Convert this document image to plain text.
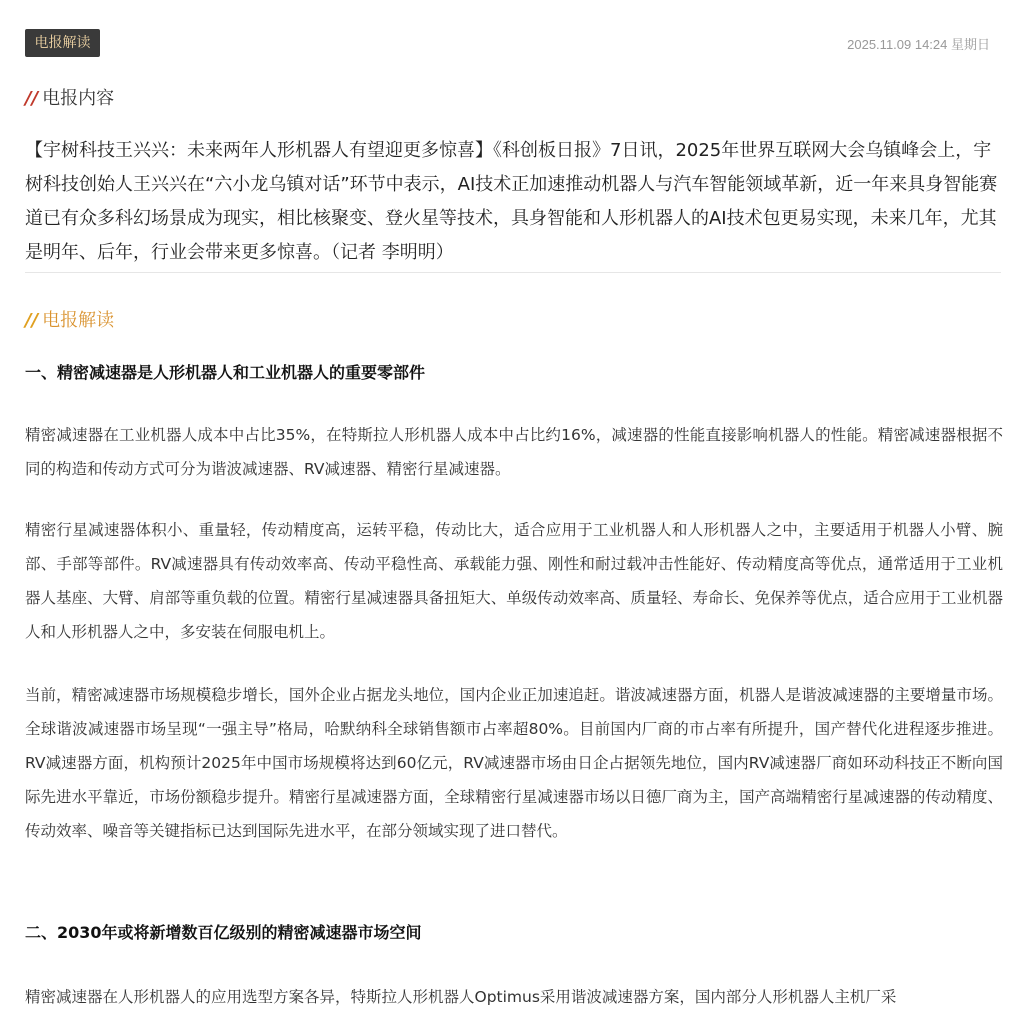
电报解读	2025.11.09 14:24 星期日
// 电报内容
【宇树科技王兴兴：未来两年人形机器人有望迎更多惊喜】《科创板日报》7日讯，2025年世界互联网大会乌镇峰会上，宇树科技创始人王兴兴在“六小龙乌镇对话”环节中表示，AI技术正加速推动机器人与汽车智能领域革新，近一年来具身智能赛道已有众多科幻场景成为现实，相比核聚变、登火星等技术，具身智能和人形机器人的AI技术包更易实现，未来几年，尤其是明年、后年，行业会带来更多惊喜。（记者 李明明）
// 电报解读
一、精密减速器是人形机器人和工业机器人的重要零部件
精密减速器在工业机器人成本中占比35%，在特斯拉人形机器人成本中占比约16%，减速器的性能直接影响机器人的性能。精密减速器根据不同的构造和传动方式可分为谐波减速器、RV减速器、精密行星减速器。
精密行星减速器体积小、重量轻，传动精度高，运转平稳，传动比大，适合应用于工业机器人和人形机器人之中，主要适用于机器人小臂、腕部、手部等部件。RV减速器具有传动效率高、传动平稳性高、承载能力强、刚性和耐过载冲击性能好、传动精度高等优点，通常适用于工业机器人基座、大臂、肩部等重负载的位置。精密行星减速器具备扭矩大、单级传动效率高、质量轻、寿命长、免保养等优点，适合应用于工业机器人和人形机器人之中，多安装在伺服电机上。
当前，精密减速器市场规模稳步增长，国外企业占据龙头地位，国内企业正加速追赶。谐波减速器方面，机器人是谐波减速器的主要增量市场。全球谐波减速器市场呈现“一强主导”格局，哈默纳科全球销售额市占率超80%。目前国内厂商的市占率有所提升，国产替代化进程逐步推进。RV减速器方面，机构预计2025年中国市场规模将达到60亿元，RV减速器市场由日企占据领先地位，国内RV减速器厂商如环动科技正不断向国际先进水平靠近，市场份额稳步提升。精密行星减速器方面，全球精密行星减速器市场以日德厂商为主，国产高端精密行星减速器的传动精度、传动效率、噪音等关键指标已达到国际先进水平，在部分领域实现了进口替代。
二、2030年或将新增数百亿级别的精密减速器市场空间
精密减速器在人形机器人的应用选型方案各异，特斯拉人形机器人Optimus采用谐波减速器方案，国内部分人形机器人主机厂采
